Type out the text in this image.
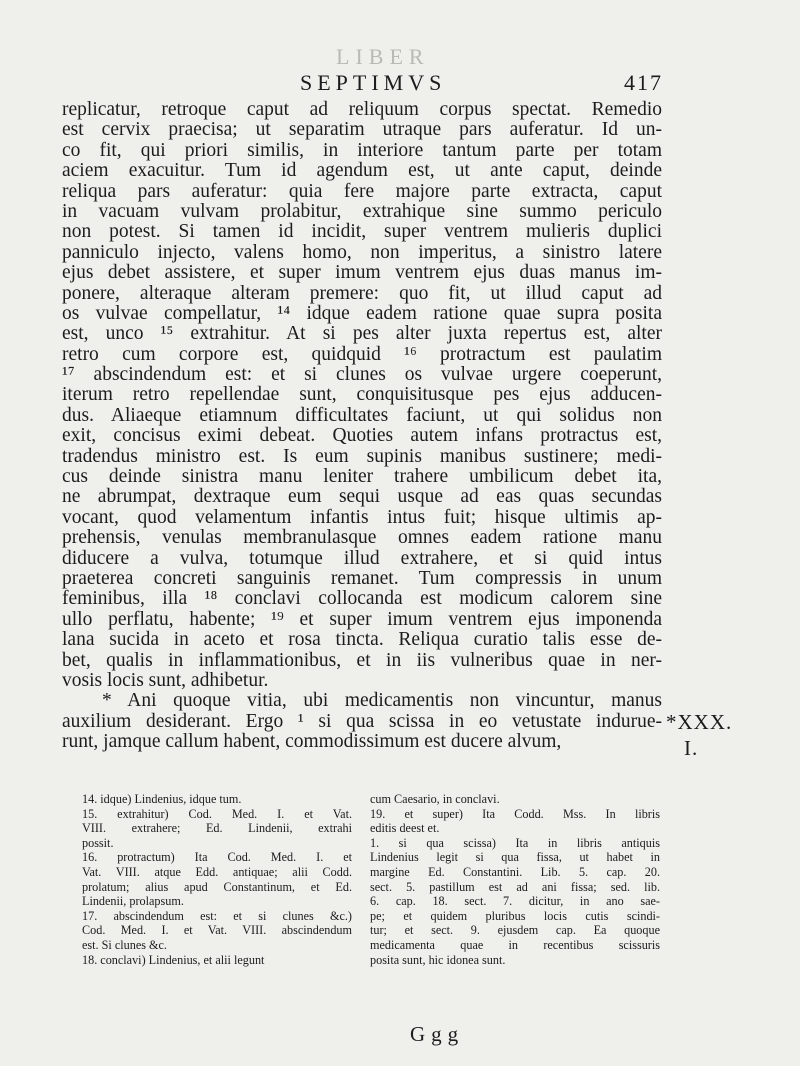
LIBER
SEPTIMVS	417
replicatur, retroque caput ad reliquum corpus spectat. Remedio
est cervix praecisa; ut separatim utraque pars auferatur. Id un-
co fit, qui priori similis, in interiore tantum parte per totam
aciem exacuitur. Tum id agendum est, ut ante caput, deinde
reliqua pars auferatur: quia fere majore parte extracta, caput
in vacuam vulvam prolabitur, extrahique sine summo periculo
non potest. Si tamen id incidit, super ventrem mulieris duplici
panniculo injecto, valens homo, non imperitus, a sinistro latere
ejus debet assistere, et super imum ventrem ejus duas manus im-
ponere, alteraque alteram premere: quo fit, ut illud caput ad
os vulvae compellatur, ¹⁴ idque eadem ratione quae supra posita
est, unco ¹⁵ extrahitur. At si pes alter juxta repertus est, alter
retro cum corpore est, quidquid ¹⁶ protractum est paulatim
¹⁷ abscindendum est: et si clunes os vulvae urgere coeperunt,
iterum retro repellendae sunt, conquisitusque pes ejus adducen-
dus. Aliaeque etiamnum difficultates faciunt, ut qui solidus non
exit, concisus eximi debeat. Quoties autem infans protractus est,
tradendus ministro est. Is eum supinis manibus sustinere; medi-
cus deinde sinistra manu leniter trahere umbilicum debet ita,
ne abrumpat, dextraque eum sequi usque ad eas quas secundas
vocant, quod velamentum infantis intus fuit; hisque ultimis ap-
prehensis, venulas membranulasque omnes eadem ratione manu
diducere a vulva, totumque illud extrahere, et si quid intus
praeterea concreti sanguinis remanet. Tum compressis in unum
feminibus, illa ¹⁸ conclavi collocanda est modicum calorem sine
ullo perflatu, habente; ¹⁹ et super imum ventrem ejus imponenda
lana sucida in aceto et rosa tincta. Reliqua curatio talis esse de-
bet, qualis in inflammationibus, et in iis vulneribus quae in ner-
vosis locis sunt, adhibetur.
* Ani quoque vitia, ubi medicamentis non vincuntur, manus
auxilium desiderant. Ergo ¹ si qua scissa in eo vetustate indurue-
runt, jamque callum habent, commodissimum est ducere alvum,
*XXX.
I.
14. idque) Lindenius, idque tum.
15. extrahitur) Cod. Med. I. et Vat.
VIII. extrahere; Ed. Lindenii, extrahi
possit.
16. protractum) Ita Cod. Med. I. et
Vat. VIII. atque Edd. antiquae; alii Codd.
prolatum; alius apud Constantinum, et Ed.
Lindenii, prolapsum.
17. abscindendum est: et si clunes &c.)
Cod. Med. I. et Vat. VIII. abscindendum
est. Si clunes &c.
18. conclavi) Lindenius, et alii legunt
cum Caesario, in conclavi.
19. et super) Ita Codd. Mss. In libris
editis deest et.
1. si qua scissa) Ita in libris antiquis
Lindenius legit si qua fissa, ut habet in
margine Ed. Constantini. Lib. 5. cap. 20.
sect. 5. pastillum est ad ani fissa; sed. lib.
6. cap. 18. sect. 7. dicitur, in ano sae-
pe; et quidem pluribus locis cutis scindi-
tur; et sect. 9. ejusdem cap. Ea quoque
medicamenta quae in recentibus scissuris
posita sunt, hic idonea sunt.
Ggg
